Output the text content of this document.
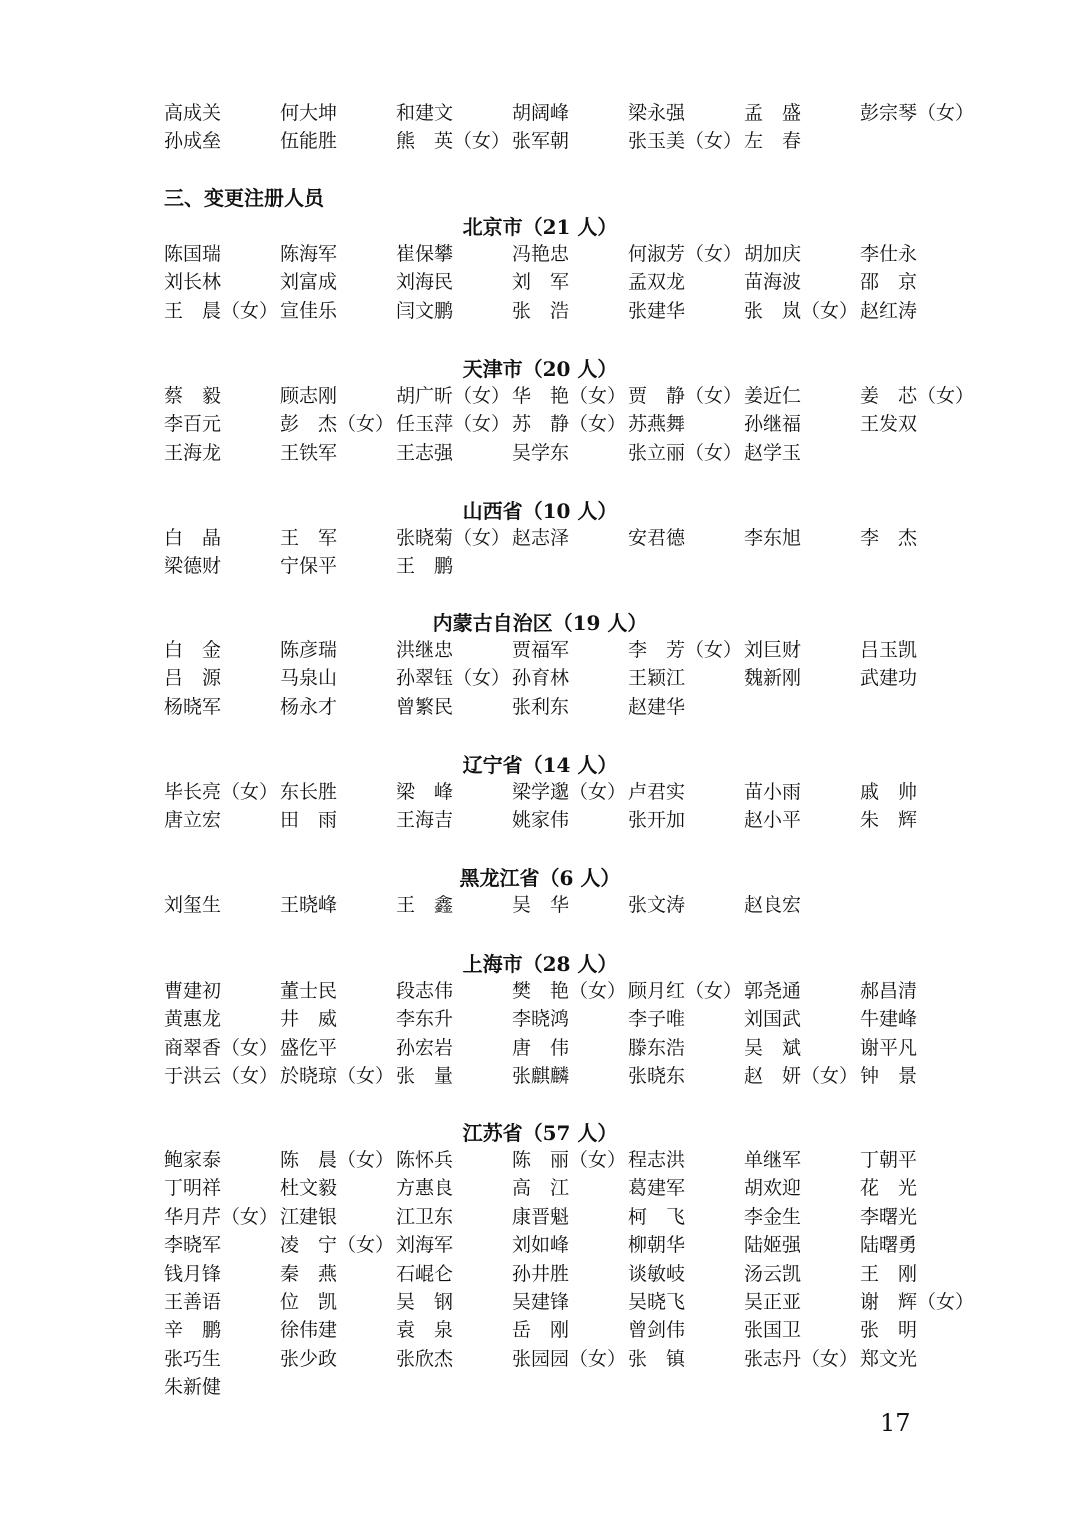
高成关	何大坤	和建文	胡阔峰	梁永强	孟　盛	彭宗琴（女）
孙成垒	伍能胜	熊　英（女） 张军朝	张玉美（女） 左　春
三、变更注册人员
北京市（21 人）
陈国瑞	陈海军	崔保攀	冯艳忠	何淑芳（女） 胡加庆	李仕永
刘长林	刘富成	刘海民	刘　军	孟双龙	苗海波	邵　京
王　晨（女） 宣佳乐	闫文鹏	张　浩	张建华	张　岚（女） 赵红涛
天津市（20 人）
蔡　毅	顾志刚	胡广昕（女） 华　艳（女） 贾　静（女） 姜近仁	姜　芯（女）
李百元	彭　杰（女） 任玉萍（女） 苏　静（女） 苏燕舞	孙继福	王发双
王海龙	王铁军	王志强	吴学东	张立丽（女） 赵学玉
山西省（10 人）
白　晶	王　军	张晓菊（女） 赵志泽	安君德	李东旭	李　杰
梁德财	宁保平	王　鹏
内蒙古自治区（19 人）
白　金	陈彦瑞	洪继忠	贾福军	李　芳（女） 刘巨财	吕玉凯
吕　源	马泉山	孙翠钰（女） 孙育林	王颖江	魏新刚	武建功
杨晓军	杨永才	曾繁民	张利东	赵建华
辽宁省（14 人）
毕长亮（女） 东长胜	梁　峰	梁学邈（女） 卢君实	苗小雨	戚　帅
唐立宏	田　雨	王海吉	姚家伟	张开加	赵小平	朱　辉
黑龙江省（6 人）
刘玺生	王晓峰	王　鑫	吴　华	张文涛	赵良宏
上海市（28 人）
曹建初	董士民	段志伟	樊　艳（女） 顾月红（女） 郭尧通	郝昌清
黄惠龙	井　威	李东升	李晓鸿	李子唯	刘国武	牛建峰
商翠香（女） 盛仡平	孙宏岩	唐　伟	滕东浩	吴　斌	谢平凡
于洪云（女） 於晓琼（女） 张　量	张麒麟	张晓东	赵　妍（女） 钟　景
江苏省（57 人）
鲍家泰	陈　晨（女） 陈怀兵	陈　丽（女） 程志洪	单继军	丁朝平
丁明祥	杜文毅	方惠良	高　江	葛建军	胡欢迎	花　光
华月芹（女） 江建银	江卫东	康晋魁	柯　飞	李金生	李曙光
李晓军	凌　宁（女） 刘海军	刘如峰	柳朝华	陆姬强	陆曙勇
钱月锋	秦　燕	石崐仑	孙井胜	谈敏岐	汤云凯	王　刚
王善语	位　凯	吴　钢	吴建锋	吴晓飞	吴正亚	谢　辉（女）
辛　鹏	徐伟建	袁　泉	岳　刚	曾剑伟	张国卫	张　明
张巧生	张少政	张欣杰	张园园（女） 张　镇	张志丹（女） 郑文光
朱新健
17
